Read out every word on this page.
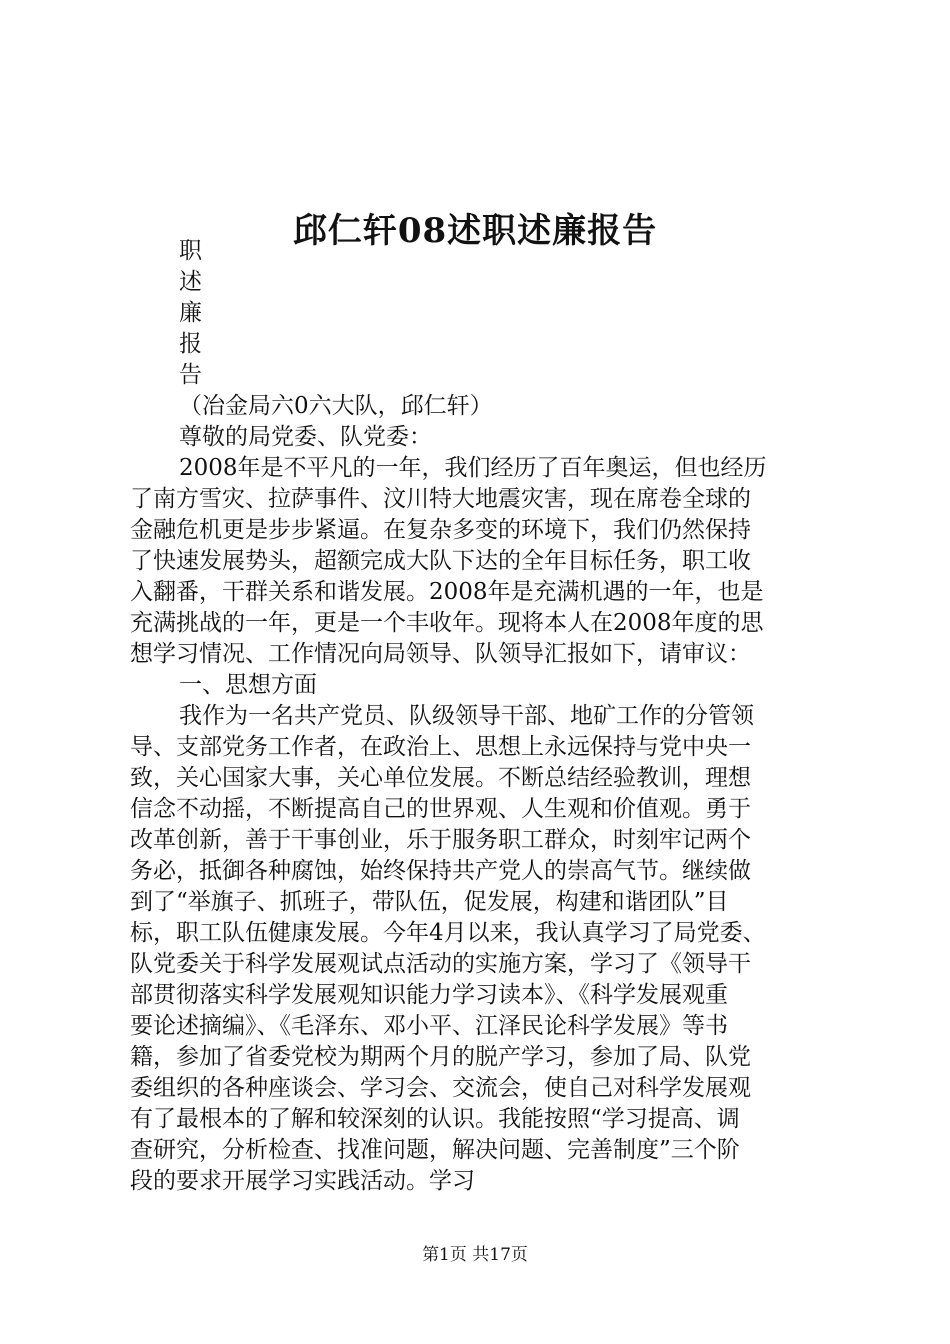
邱仁轩08述职述廉报告

职

述

廉

报

告

（冶金局六0六大队，邱仁轩）

尊敬的局党委、队党委：

2008年是不平凡的一年，我们经历了百年奥运，但也经历

了南方雪灾、拉萨事件、汶川特大地震灾害，现在席卷全球的

金融危机更是步步紧逼。在复杂多变的环境下，我们仍然保持

了快速发展势头，超额完成大队下达的全年目标任务，职工收

入翻番，干群关系和谐发展。2008年是充满机遇的一年，也是

充满挑战的一年，更是一个丰收年。现将本人在2008年度的思

想学习情况、工作情况向局领导、队领导汇报如下，请审议：

一、思想方面

我作为一名共产党员、队级领导干部、地矿工作的分管领

导、支部党务工作者，在政治上、思想上永远保持与党中央一

致，关心国家大事，关心单位发展。不断总结经验教训，理想

信念不动摇，不断提高自己的世界观、人生观和价值观。勇于

改革创新，善于干事创业，乐于服务职工群众，时刻牢记两个

务必，抵御各种腐蚀，始终保持共产党人的崇高气节。继续做

到了“举旗子、抓班子，带队伍，促发展，构建和谐团队”目

标，职工队伍健康发展。今年4月以来，我认真学习了局党委、

队党委关于科学发展观试点活动的实施方案，学习了《领导干

部贯彻落实科学发展观知识能力学习读本》、《科学发展观重

要论述摘编》、《毛泽东、邓小平、江泽民论科学发展》等书

籍，参加了省委党校为期两个月的脱产学习，参加了局、队党

委组织的各种座谈会、学习会、交流会，使自己对科学发展观

有了最根本的了解和较深刻的认识。我能按照“学习提高、调

查研究，分析检查、找准问题，解决问题、完善制度”三个阶

段的要求开展学习实践活动。学习

第1页 共17页
